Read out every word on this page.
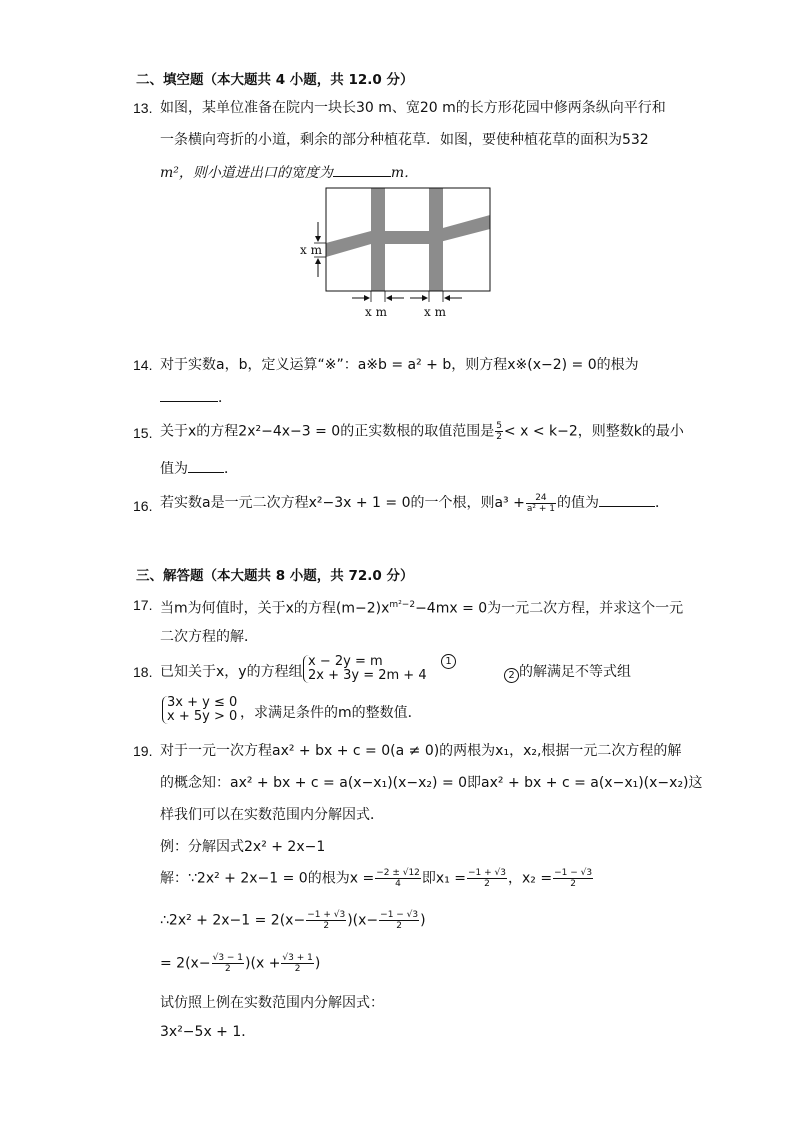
二、填空题（本大题共 4 小题，共 12.0 分）
13. 如图，某单位准备在院内一块长30 m、宽20 m的长方形花园中修两条纵向平行和
一条横向弯折的小道，剩余的部分种植花草．如图，要使种植花草的面积为532
m²，则小道进出口的宽度为	m．
x m
x m	x m
14. 对于实数a，b，定义运算“※”：a※b = a² + b，则方程x※(x−2) = 0的根为
．
15. 关于x的方程2x²−4x−3 = 0的正实数根的取值范围是 $\frac{5}{2} < x < k-2$，则整数k的最小
值为	．
16. 若实数a是一元二次方程x²−3x + 1 = 0的一个根，则$a^3 + \frac{24}{\text{a² + 1}}$ 的值为	．
三、解答题（本大题共 8 小题，共 72.0 分）
17. 当m为何值时，关于x的方程$(m-2)x^{m^2-2}-4mx = 0$为一元二次方程，并求这个一元
二次方程的解．
18. 已知关于x，y的方程组
x − 2y = m
2x + 3y = 2m + 4
1
2 的解满足不等式组
3x + y ≤ 0
x + 5y > 0 ，求满足条件的m的整数值．
19. 对于一元一次方程ax² + bx + c = 0(a ≠ 0)的两根为x₁，x₂,根据一元二次方程的解
的概念知：ax² + bx + c = a(x−x₁)(x−x₂) = 0即ax² + bx + c = a(x−x₁)(x−x₂)这
样我们可以在实数范围内分解因式．
例：分解因式2x² + 2x−1
解：∵2x² + 2x−1 = 0的根为$x = \frac{-2 \pm √12}{4}$ 即$x_1 = \frac{-1 + √3}{2}$ ，$x_2 = \frac{-1 - √3}{2}$
∴2x² + $2x-1 = 2(x- \frac{-1 + √3}{2} )(x- \frac{-1 - √3}{2}$ )
= $2(x- \frac{√3 - 1}{2} )(x + \frac{√3 + 1}{2}$ )
试仿照上例在实数范围内分解因式：
3x²−5x + 1．
